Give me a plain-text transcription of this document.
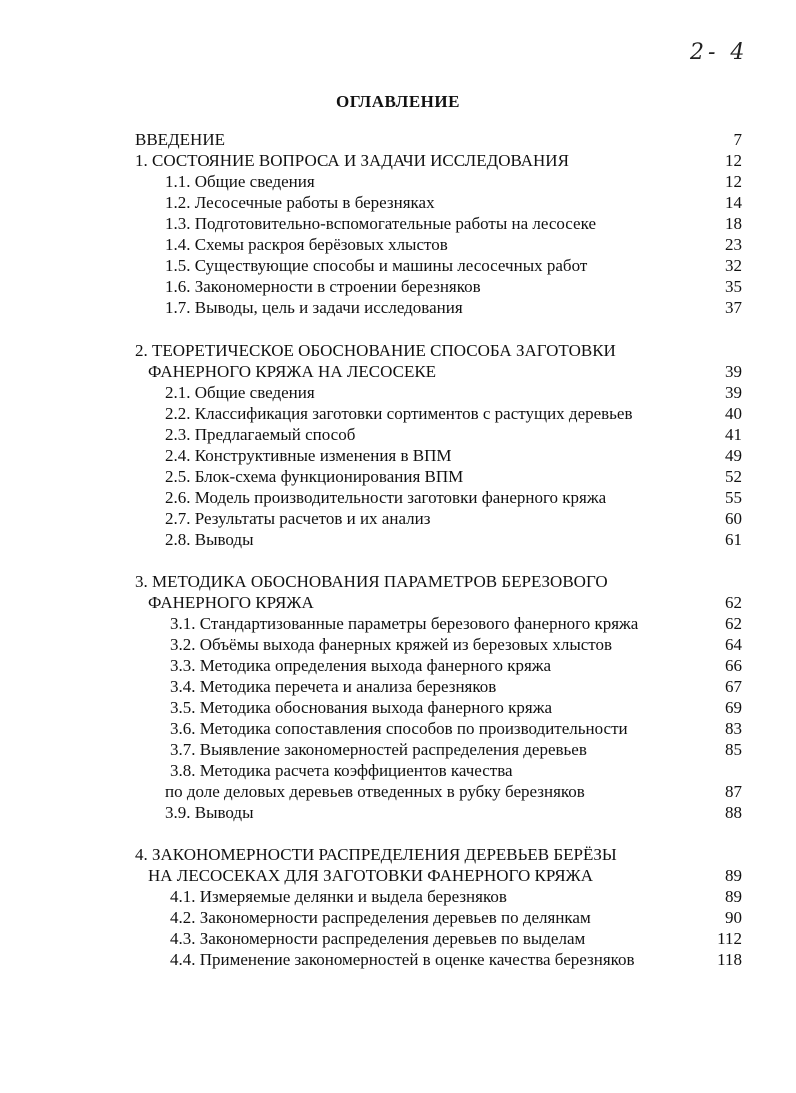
2- 4
ОГЛАВЛЕНИЕ
ВВЕДЕНИЕ	7
1. СОСТОЯНИЕ ВОПРОСА И ЗАДАЧИ ИССЛЕДОВАНИЯ	12
1.1. Общие сведения	12
1.2. Лесосечные работы в березняках	14
1.3. Подготовительно-вспомогательные работы на лесосеке	18
1.4. Схемы раскроя берёзовых хлыстов	23
1.5. Существующие способы и машины лесосечных работ	32
1.6. Закономерности в строении березняков	35
1.7. Выводы, цель и задачи исследования	37
2. ТЕОРЕТИЧЕСКОЕ ОБОСНОВАНИЕ СПОСОБА ЗАГОТОВКИ
ФАНЕРНОГО КРЯЖА НА ЛЕСОСЕКЕ	39
2.1. Общие сведения	39
2.2. Классификация заготовки сортиментов с растущих деревьев	40
2.3. Предлагаемый способ	41
2.4. Конструктивные изменения в ВПМ	49
2.5. Блок-схема функционирования ВПМ	52
2.6. Модель производительности заготовки фанерного кряжа	55
2.7. Результаты расчетов и их анализ	60
2.8. Выводы	61
3. МЕТОДИКА ОБОСНОВАНИЯ ПАРАМЕТРОВ БЕРЕЗОВОГО
ФАНЕРНОГО КРЯЖА	62
3.1. Стандартизованные параметры березового фанерного кряжа	62
3.2. Объёмы выхода фанерных кряжей из березовых хлыстов	64
3.3. Методика определения выхода фанерного кряжа	66
3.4. Методика перечета и анализа березняков	67
3.5. Методика обоснования выхода фанерного кряжа	69
3.6. Методика сопоставления способов по производительности	83
3.7. Выявление закономерностей распределения деревьев	85
3.8. Методика расчета коэффициентов качества
по доле деловых деревьев отведенных в рубку березняков	87
3.9. Выводы	88
4. ЗАКОНОМЕРНОСТИ РАСПРЕДЕЛЕНИЯ ДЕРЕВЬЕВ БЕРЁЗЫ
НА ЛЕСОСЕКАХ ДЛЯ ЗАГОТОВКИ ФАНЕРНОГО КРЯЖА	89
4.1. Измеряемые делянки и выдела березняков	89
4.2. Закономерности распределения деревьев по делянкам	90
4.3. Закономерности распределения деревьев по выделам	112
4.4. Применение закономерностей в оценке качества березняков	118
